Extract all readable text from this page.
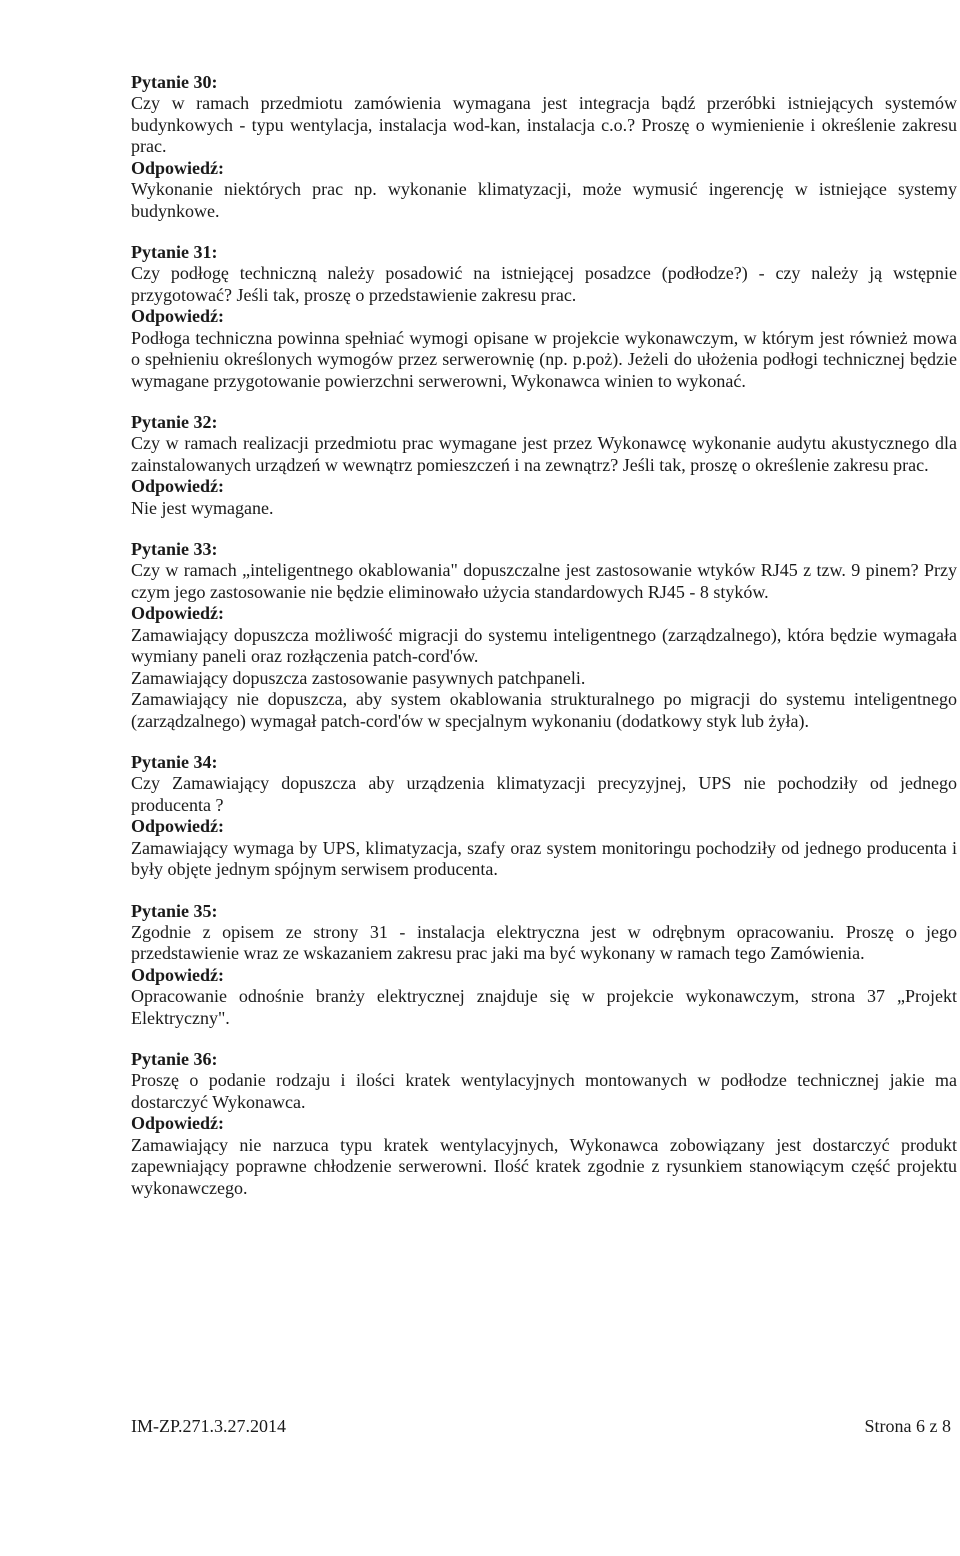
Pytanie 30:

Czy w ramach przedmiotu zamówienia wymagana jest integracja bądź przeróbki istniejących systemów budynkowych - typu wentylacja, instalacja wod-kan, instalacja c.o.? Proszę o wymienienie i określenie zakresu prac.

Odpowiedź:

Wykonanie niektórych prac np. wykonanie klimatyzacji, może wymusić ingerencję w istniejące systemy budynkowe.

Pytanie 31:

Czy podłogę techniczną należy posadowić na istniejącej posadzce (podłodze?) - czy należy ją wstępnie przygotować? Jeśli tak, proszę o przedstawienie zakresu prac.

Odpowiedź:

Podłoga techniczna powinna spełniać wymogi opisane w projekcie wykonawczym, w którym jest również mowa o spełnieniu określonych wymogów przez serwerownię (np. p.poż). Jeżeli do ułożenia podłogi technicznej będzie wymagane przygotowanie powierzchni serwerowni, Wykonawca winien to wykonać.

Pytanie 32:

Czy w ramach realizacji przedmiotu prac wymagane jest przez Wykonawcę wykonanie audytu akustycznego dla zainstalowanych urządzeń w wewnątrz pomieszczeń i na zewnątrz? Jeśli tak, proszę o określenie zakresu prac.

Odpowiedź:

Nie jest wymagane.

Pytanie 33:

Czy w ramach „inteligentnego okablowania" dopuszczalne jest zastosowanie wtyków RJ45 z tzw. 9 pinem? Przy czym jego zastosowanie nie będzie eliminowało użycia standardowych RJ45 - 8 styków.

Odpowiedź:

Zamawiający dopuszcza możliwość migracji do systemu inteligentnego (zarządzalnego), która będzie wymagała wymiany paneli oraz rozłączenia patch-cord'ów.

Zamawiający dopuszcza zastosowanie pasywnych patchpaneli.

Zamawiający nie dopuszcza, aby system okablowania strukturalnego po migracji do systemu inteligentnego (zarządzalnego) wymagał patch-cord'ów w specjalnym wykonaniu (dodatkowy styk lub żyła).

Pytanie 34:

Czy Zamawiający dopuszcza aby urządzenia klimatyzacji precyzyjnej, UPS nie pochodziły od jednego producenta ?

Odpowiedź:

Zamawiający wymaga by UPS, klimatyzacja, szafy oraz system monitoringu pochodziły od jednego producenta i były objęte jednym spójnym serwisem producenta.

Pytanie 35:

Zgodnie z opisem ze strony 31 - instalacja elektryczna jest w odrębnym opracowaniu. Proszę o jego przedstawienie wraz ze wskazaniem zakresu prac jaki ma być wykonany w ramach tego Zamówienia.

Odpowiedź:

Opracowanie odnośnie branży elektrycznej znajduje się w projekcie wykonawczym, strona 37 „Projekt Elektryczny".

Pytanie 36:

Proszę o podanie rodzaju i ilości kratek wentylacyjnych montowanych w podłodze technicznej jakie ma dostarczyć Wykonawca.

Odpowiedź:

Zamawiający nie narzuca typu kratek wentylacyjnych, Wykonawca zobowiązany jest dostarczyć produkt zapewniający poprawne chłodzenie serwerowni. Ilość kratek zgodnie z rysunkiem stanowiącym część projektu wykonawczego.

IM-ZP.271.3.27.2014	Strona 6 z 8
